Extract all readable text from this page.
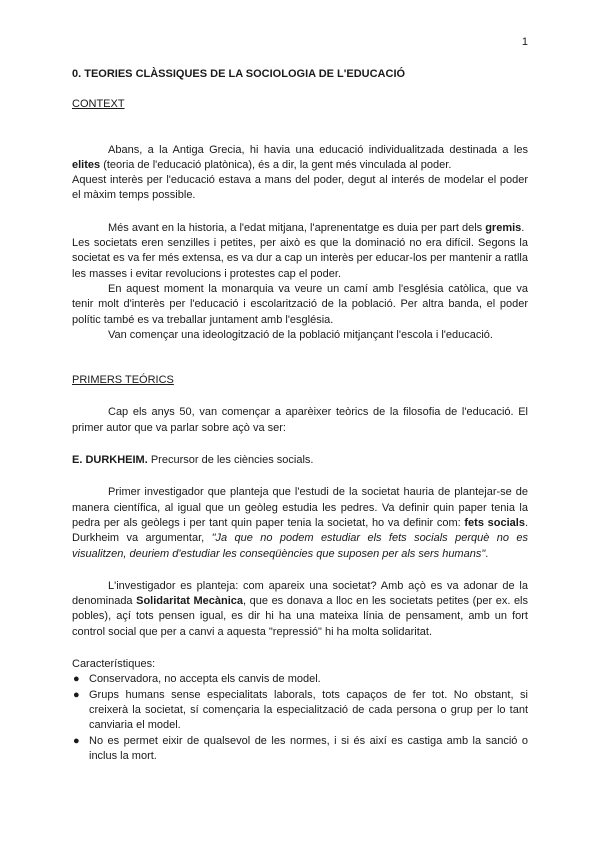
1

0. TEORIES CLÀSSIQUES DE LA SOCIOLOGIA DE L'EDUCACIÓ

CONTEXT

Abans, a la Antiga Grecia, hi havia una educació individualitzada destinada a les elites (teoria de l'educació platònica), és a dir, la gent més vinculada al poder.

Aquest interès per l'educació estava a mans del poder, degut al interés de modelar el poder el màxim temps possible.

Més avant en la historia, a l'edat mitjana, l'aprenentatge es duia per part dels gremis.

Les societats eren senzilles i petites, per això es que la dominació no era difícil. Segons la societat es va fer més extensa, es va dur a cap un interès per educar-los per mantenir a ratlla les masses i evitar revolucions i protestes cap el poder.

En aquest moment la monarquia va veure un camí amb l'església catòlica, que va tenir molt d'interès per l'educació i escolarització de la població. Per altra banda, el poder polític també es va treballar juntament amb l'església.

Van començar una ideologització de la població mitjançant l'escola i l'educació.

PRIMERS TEÓRICS

Cap els anys 50, van començar a aparèixer teòrics de la filosofia de l'educació. El primer autor que va parlar sobre açò va ser:

E. DURKHEIM. Precursor de les ciències socials.

Primer investigador que planteja que l'estudi de la societat hauria de plantejar-se de manera científica, al igual que un geòleg estudia les pedres. Va definir quin paper tenia la pedra per als geòlegs i per tant quin paper tenia la societat, ho va definir com: fets socials. Durkheim va argumentar, "Ja que no podem estudiar els fets socials perquè no es visualitzen, deuriem d'estudiar les conseqüències que suposen per als sers humans".

L'investigador es planteja: com apareix una societat? Amb açò es va adonar de la denominada Solidaritat Mecànica, que es donava a lloc en les societats petites (per ex. els pobles), açí tots pensen igual, es dir hi ha una mateixa línia de pensament, amb un fort control social que per a canvi a aquesta "repressió" hi ha molta solidaritat.

Característiques:

● Conservadora, no accepta els canvis de model.
● Grups humans sense especialitats laborals, tots capaços de fer tot. No obstant, si creixerà la societat, sí començaria la especialització de cada persona o grup per lo tant canviaria el model.
● No es permet eixir de qualsevol de les normes, i si és així es castiga amb la sanció o inclus la mort.
